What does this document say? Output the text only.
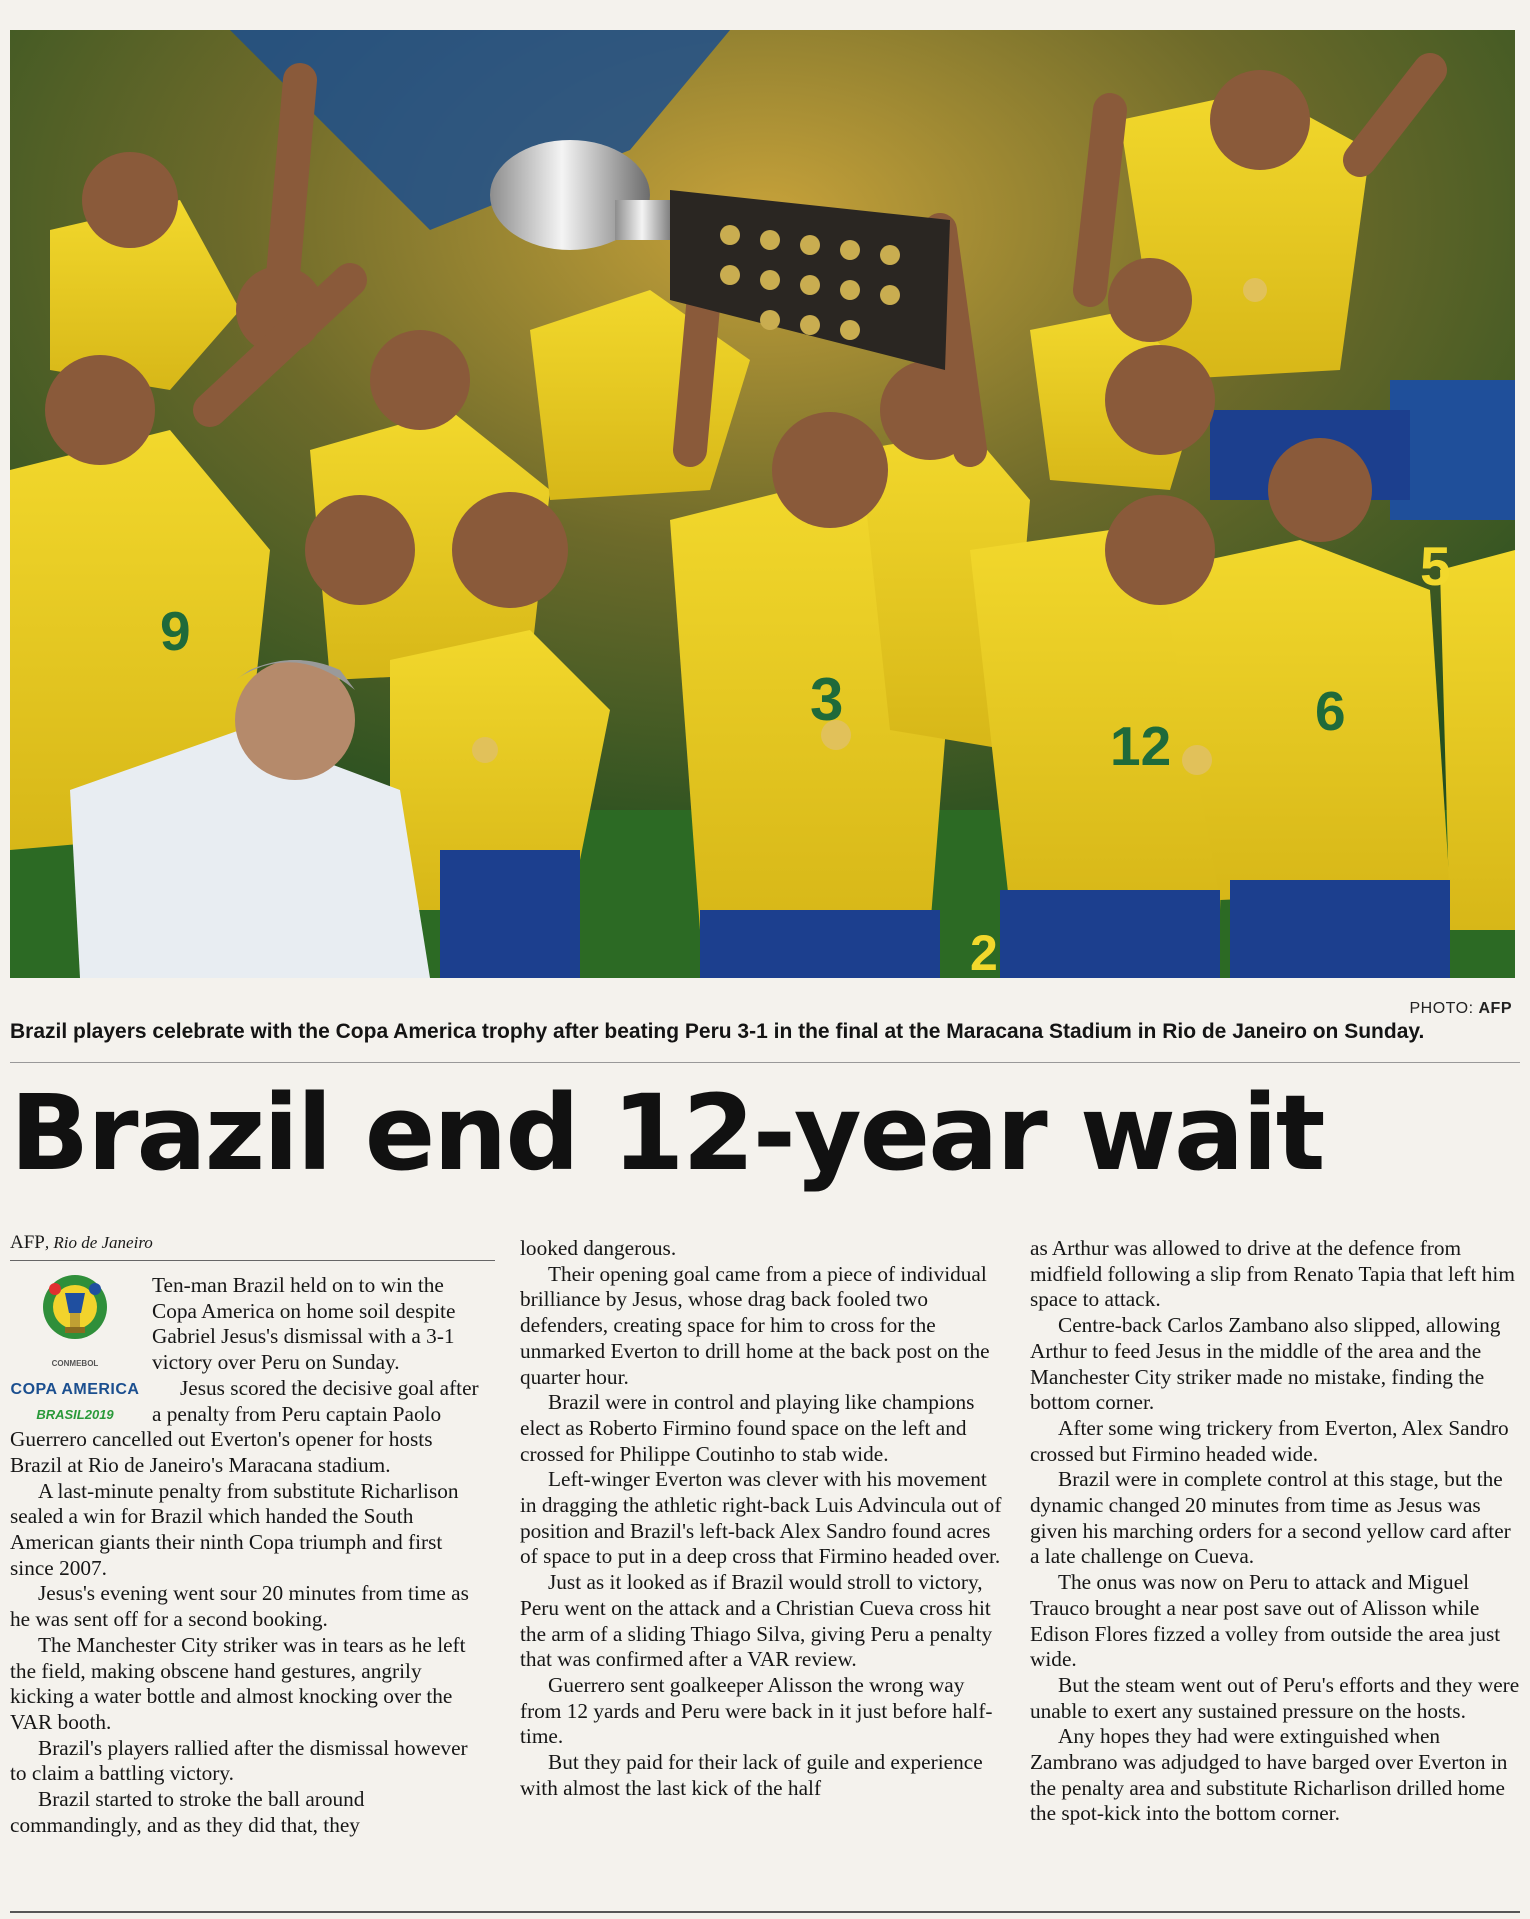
3
12
6
5
9
2
PHOTO: AFP
Brazil players celebrate with the Copa America trophy after beating Peru 3-1 in the final at the Maracana Stadium in Rio de Janeiro on Sunday.
Brazil end 12-year wait
AFP, Rio de Janeiro
CONMEBOL
COPA AMERICA
BRASIL2019

Ten-man Brazil held on to win the Copa America on home soil despite Gabriel Jesus's dismissal with a 3-1 victory over Peru on Sunday.

Jesus scored the decisive goal after a penalty from Peru captain Paolo Guerrero cancelled out Everton's opener for hosts Brazil at Rio de Janeiro's Maracana stadium.

A last-minute penalty from substitute Richarlison sealed a win for Brazil which handed the South American giants their ninth Copa triumph and first since 2007.

Jesus's evening went sour 20 minutes from time as he was sent off for a second booking.

The Manchester City striker was in tears as he left the field, making obscene hand gestures, angrily kicking a water bottle and almost knocking over the VAR booth.

Brazil's players rallied after the dismissal however to claim a battling victory.

Brazil started to stroke the ball around commandingly, and as they did that, they

looked dangerous.

Their opening goal came from a piece of individual brilliance by Jesus, whose drag back fooled two defenders, creating space for him to cross for the unmarked Everton to drill home at the back post on the quarter hour.

Brazil were in control and playing like champions elect as Roberto Firmino found space on the left and crossed for Philippe Coutinho to stab wide.

Left-winger Everton was clever with his movement in dragging the athletic right-back Luis Advincula out of position and Brazil's left-back Alex Sandro found acres of space to put in a deep cross that Firmino headed over.

Just as it looked as if Brazil would stroll to victory, Peru went on the attack and a Christian Cueva cross hit the arm of a sliding Thiago Silva, giving Peru a penalty that was confirmed after a VAR review.

Guerrero sent goalkeeper Alisson the wrong way from 12 yards and Peru were back in it just before half-time.

But they paid for their lack of guile and experience with almost the last kick of the half

as Arthur was allowed to drive at the defence from midfield following a slip from Renato Tapia that left him space to attack.

Centre-back Carlos Zambano also slipped, allowing Arthur to feed Jesus in the middle of the area and the Manchester City striker made no mistake, finding the bottom corner.

After some wing trickery from Everton, Alex Sandro crossed but Firmino headed wide.

Brazil were in complete control at this stage, but the dynamic changed 20 minutes from time as Jesus was given his marching orders for a second yellow card after a late challenge on Cueva.

The onus was now on Peru to attack and Miguel Trauco brought a near post save out of Alisson while Edison Flores fizzed a volley from outside the area just wide.

But the steam went out of Peru's efforts and they were unable to exert any sustained pressure on the hosts.

Any hopes they had were extinguished when Zambrano was adjudged to have barged over Everton in the penalty area and substitute Richarlison drilled home the spot-kick into the bottom corner.
